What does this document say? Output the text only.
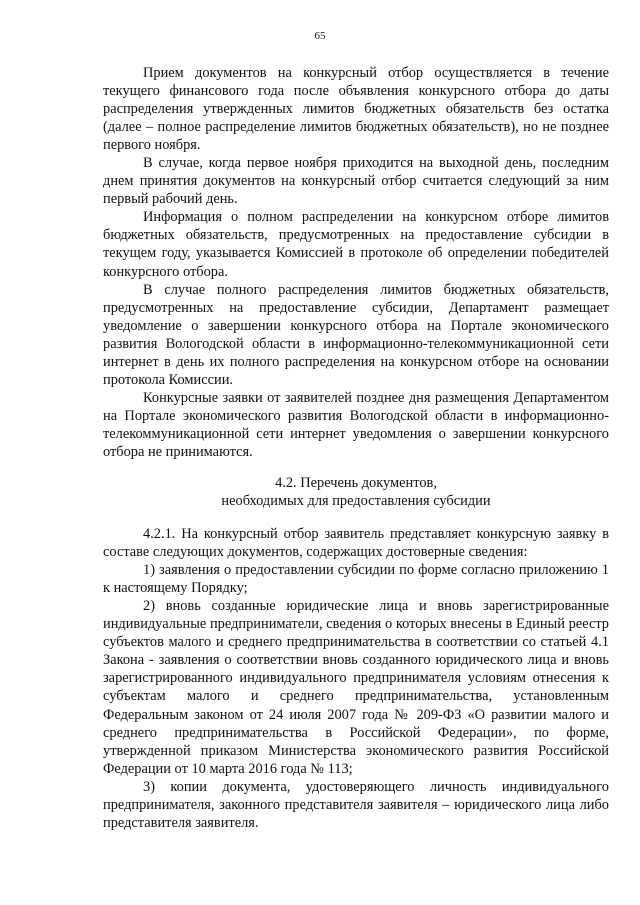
65

Прием документов на конкурсный отбор осуществляется в течение текущего финансового года после объявления конкурсного отбора до даты распределения утвержденных лимитов бюджетных обязательств без остатка (далее – полное распределение лимитов бюджетных обязательств), но не позднее первого ноября.

В случае, когда первое ноября приходится на выходной день, последним днем принятия документов на конкурсный отбор считается следующий за ним первый рабочий день.

Информация о полном распределении на конкурсном отборе лимитов бюджетных обязательств, предусмотренных на предоставление субсидии в текущем году, указывается Комиссией в протоколе об определении победителей конкурсного отбора.

В случае полного распределения лимитов бюджетных обязательств, предусмотренных на предоставление субсидии, Департамент размещает уведомление о завершении конкурсного отбора на Портале экономического развития Вологодской области в информационно-телекоммуникационной сети интернет в день их полного распределения на конкурсном отборе на основании протокола Комиссии.

Конкурсные заявки от заявителей позднее дня размещения Департаментом на Портале экономического развития Вологодской области в информационно-телекоммуникационной сети интернет уведомления о завершении конкурсного отбора не принимаются.

4.2. Перечень документов,
необходимых для предоставления субсидии

4.2.1. На конкурсный отбор заявитель представляет конкурсную заявку в составе следующих документов, содержащих достоверные сведения:

1) заявления о предоставлении субсидии по форме согласно приложению 1 к настоящему Порядку;

2) вновь созданные юридические лица и вновь зарегистрированные индивидуальные предприниматели, сведения о которых внесены в Единый реестр субъектов малого и среднего предпринимательства в соответствии со статьей 4.1 Закона - заявления о соответствии вновь созданного юридического лица и вновь зарегистрированного индивидуального предпринимателя условиям отнесения к субъектам малого и среднего предпринимательства, установленным Федеральным законом от 24 июля 2007 года № 209-ФЗ «О развитии малого и среднего предпринимательства в Российской Федерации», по форме, утвержденной приказом Министерства экономического развития Российской Федерации от 10 марта 2016 года № 113;

3) копии документа, удостоверяющего личность индивидуального предпринимателя, законного представителя заявителя – юридического лица либо представителя заявителя.
